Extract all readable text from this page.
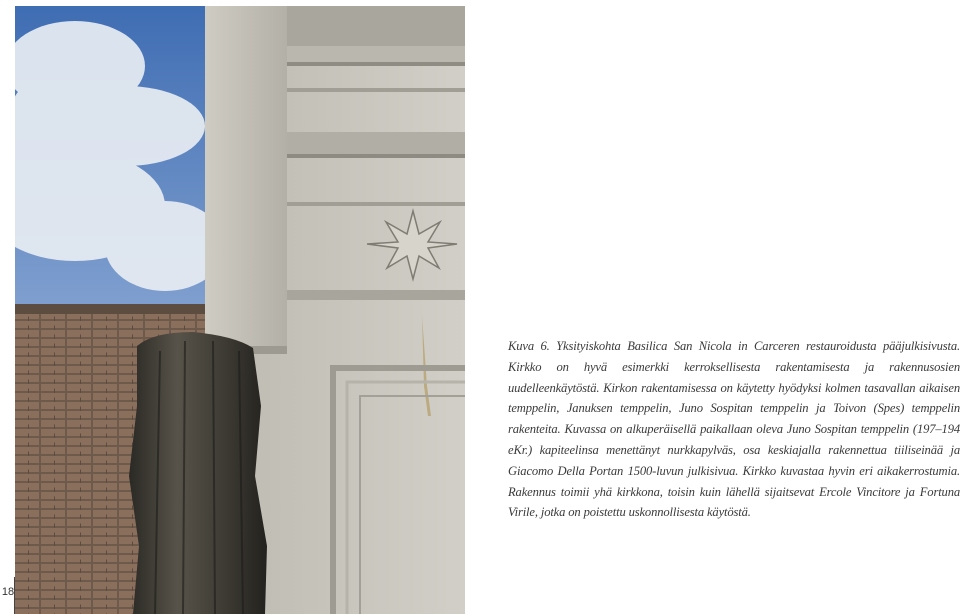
Kuva 6. Yksityiskohta Basilica San Nicola in Carceren restauroidusta pääjulkisivusta. Kirkko on hyvä esimerkki kerroksellisesta rakentamisesta ja rakennusosien uudelleenkäytöstä. Kirkon rakentamisessa on käytetty hyödyksi kolmen tasavallan aikaisen temppelin, Januksen temppelin, Juno Sospitan temppelin ja Toivon (Spes) temppelin rakenteita. Kuvassa on alkuperäisellä paikallaan oleva Juno Sospitan temppelin (197–194 eKr.) kapiteelinsa menettänyt nurkkapylväs, osa keskiajalla rakennettua tiiliseinää ja Giacomo Della Portan 1500-luvun julkisivua. Kirkko kuvastaa hyvin eri aikakerrostumia. Rakennus toimii yhä kirkkona, toisin kuin lähellä sijaitsevat Ercole Vincitore ja Fortuna Virile, jotka on poistettu uskonnollisesta käytöstä.

18
